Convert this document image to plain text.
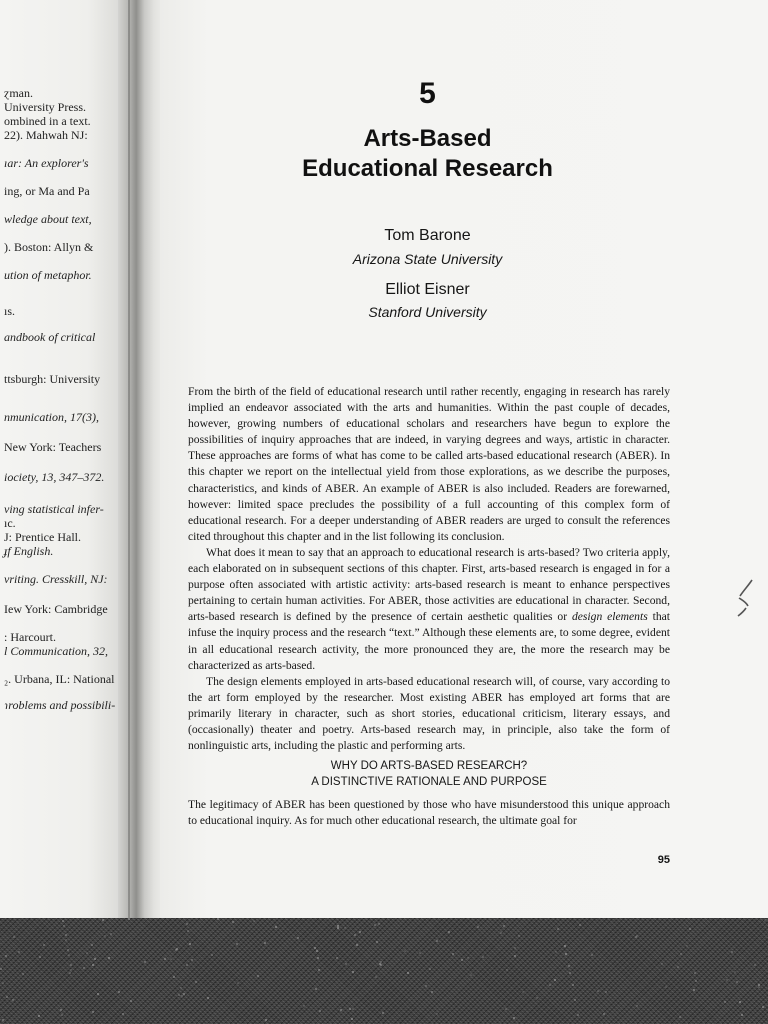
ɀman.
University Press.
ombined in a text.
22). Mahwah NJ:
ıar: An explorer's
ing, or Ma and Pa
wledge about text,
). Boston: Allyn &
ution of metaphor.
ıs.
andbook of critical
ttsburgh: University
nmunication, 17(3),
New York: Teachers
iociety, 13, 347–372.
ving statistical infer-
ıc.
J: Prentice Hall.
ɟf English.
vriting. Cresskill, NJ:
Iew York: Cambridge
: Harcourt.
l Communication, 32,
₂. Urbana, IL: National
ɿroblems and possibili-
5
Arts-Based
Educational Research
Tom Barone
Arizona State University
Elliot Eisner
Stanford University

From the birth of the field of educational research until rather recently, engaging in research has rarely implied an endeavor associated with the arts and humanities. Within the past couple of decades, however, growing numbers of educational scholars and researchers have begun to explore the possibilities of inquiry approaches that are indeed, in varying degrees and ways, artistic in character. These approaches are forms of what has come to be called arts-based educational research (ABER). In this chapter we report on the intellectual yield from those explorations, as we describe the purposes, characteristics, and kinds of ABER. An example of ABER is also included. Readers are forewarned, however: limited space precludes the possibility of a full accounting of this complex form of educational research. For a deeper understanding of ABER readers are urged to consult the references cited throughout this chapter and in the list following its conclusion.

What does it mean to say that an approach to educational research is arts-based? Two criteria apply, each elaborated on in subsequent sections of this chapter. First, arts-based research is engaged in for a purpose often associated with artistic activity: arts-based research is meant to enhance perspectives pertaining to certain human activities. For ABER, those activities are educational in character. Second, arts-based research is defined by the presence of certain aesthetic qualities or design elements that infuse the inquiry process and the research “text.” Although these elements are, to some degree, evident in all educational research activity, the more pronounced they are, the more the research may be characterized as arts-based.

The design elements employed in arts-based educational research will, of course, vary according to the art form employed by the researcher. Most existing ABER has employed art forms that are primarily literary in character, such as short stories, educational criticism, literary essays, and (occasionally) theater and poetry. Arts-based research may, in principle, also take the form of nonlinguistic arts, including the plastic and performing arts.

WHY DO ARTS-BASED RESEARCH?
A DISTINCTIVE RATIONALE AND PURPOSE

The legitimacy of ABER has been questioned by those who have misunderstood this unique approach to educational inquiry. As for much other educational research, the ultimate goal for

95
